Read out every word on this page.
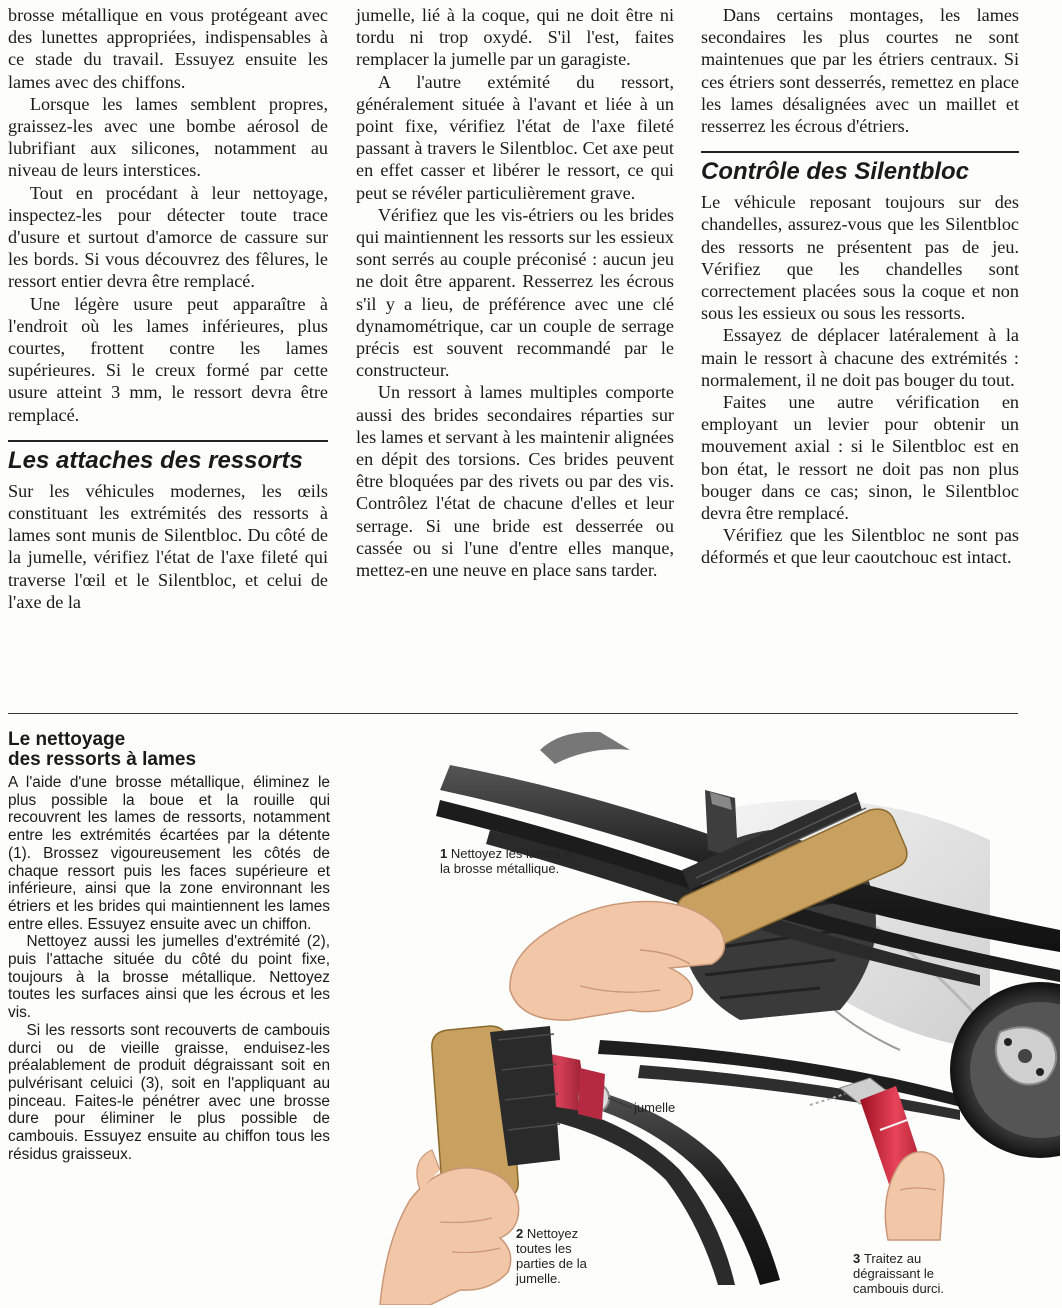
brosse métallique en vous protégeant avec des lunettes appropriées, indispensables à ce stade du travail. Essuyez ensuite les lames avec des chiffons.

Lorsque les lames semblent propres, graissez-les avec une bombe aérosol de lubrifiant aux silicones, notamment au niveau de leurs interstices.

Tout en procédant à leur nettoyage, inspectez-les pour détecter toute trace d'usure et surtout d'amorce de cassure sur les bords. Si vous découvrez des fêlures, le ressort entier devra être remplacé.

Une légère usure peut apparaître à l'endroit où les lames inférieures, plus courtes, frottent contre les lames supérieures. Si le creux formé par cette usure atteint 3 mm, le ressort devra être remplacé.

Les attaches des ressorts

Sur les véhicules modernes, les œils constituant les extrémités des ressorts à lames sont munis de Silentbloc. Du côté de la jumelle, vérifiez l'état de l'axe fileté qui traverse l'œil et le Silentbloc, et celui de l'axe de la

jumelle, lié à la coque, qui ne doit être ni tordu ni trop oxydé. S'il l'est, faites remplacer la jumelle par un garagiste.

A l'autre extémité du ressort, généralement située à l'avant et liée à un point fixe, vérifiez l'état de l'axe fileté passant à travers le Silentbloc. Cet axe peut en effet casser et libérer le ressort, ce qui peut se révéler particulièrement grave.

Vérifiez que les vis-étriers ou les brides qui maintiennent les ressorts sur les essieux sont serrés au couple préconisé : aucun jeu ne doit être apparent. Resserrez les écrous s'il y a lieu, de préférence avec une clé dynamométrique, car un couple de serrage précis est souvent recommandé par le constructeur.

Un ressort à lames multiples comporte aussi des brides secondaires réparties sur les lames et servant à les maintenir alignées en dépit des torsions. Ces brides peuvent être bloquées par des rivets ou par des vis. Contrôlez l'état de chacune d'elles et leur serrage. Si une bride est desserrée ou cassée ou si l'une d'entre elles manque, mettez-en une neuve en place sans tarder.

Dans certains montages, les lames secondaires les plus courtes ne sont maintenues que par les étriers centraux. Si ces étriers sont desserrés, remettez en place les lames désalignées avec un maillet et resserrez les écrous d'étriers.

Contrôle des Silentbloc

Le véhicule reposant toujours sur des chandelles, assurez-vous que les Silentbloc des ressorts ne présentent pas de jeu. Vérifiez que les chandelles sont correctement placées sous la coque et non sous les essieux ou sous les ressorts.

Essayez de déplacer latéralement à la main le ressort à chacune des extrémités : normalement, il ne doit pas bouger du tout.

Faites une autre vérification en employant un levier pour obtenir un mouvement axial : si le Silentbloc est en bon état, le ressort ne doit pas non plus bouger dans ce cas; sinon, le Silentbloc devra être remplacé.

Vérifiez que les Silentbloc ne sont pas déformés et que leur caoutchouc est intact.

Le nettoyage
des ressorts à lames

A l'aide d'une brosse métallique, éliminez le plus possible la boue et la rouille qui recouvrent les lames de ressorts, notamment entre les extrémités écartées par la détente (1). Brossez vigoureusement les côtés de chaque ressort puis les faces supérieure et inférieure, ainsi que la zone environnant les étriers et les brides qui maintiennent les lames entre elles. Essuyez ensuite avec un chiffon.

Nettoyez aussi les jumelles d'extrémité (2), puis l'attache située du côté du point fixe, toujours à la brosse métallique. Nettoyez toutes les surfaces ainsi que les écrous et les vis.

Si les ressorts sont recouverts de cambouis durci ou de vieille graisse, enduisez-les préalablement de produit dégraissant soit en pulvérisant celuici (3), soit en l'appliquant au pinceau. Faites-le pénétrer avec une brosse dure pour éliminer le plus possible de cambouis. Essuyez ensuite au chiffon tous les résidus graisseux.

1 Nettoyez les lames à
la brosse métallique.
jumelle
2 Nettoyez
toutes les
parties de la
jumelle.
3 Traitez au
dégraissant le
cambouis durci.
